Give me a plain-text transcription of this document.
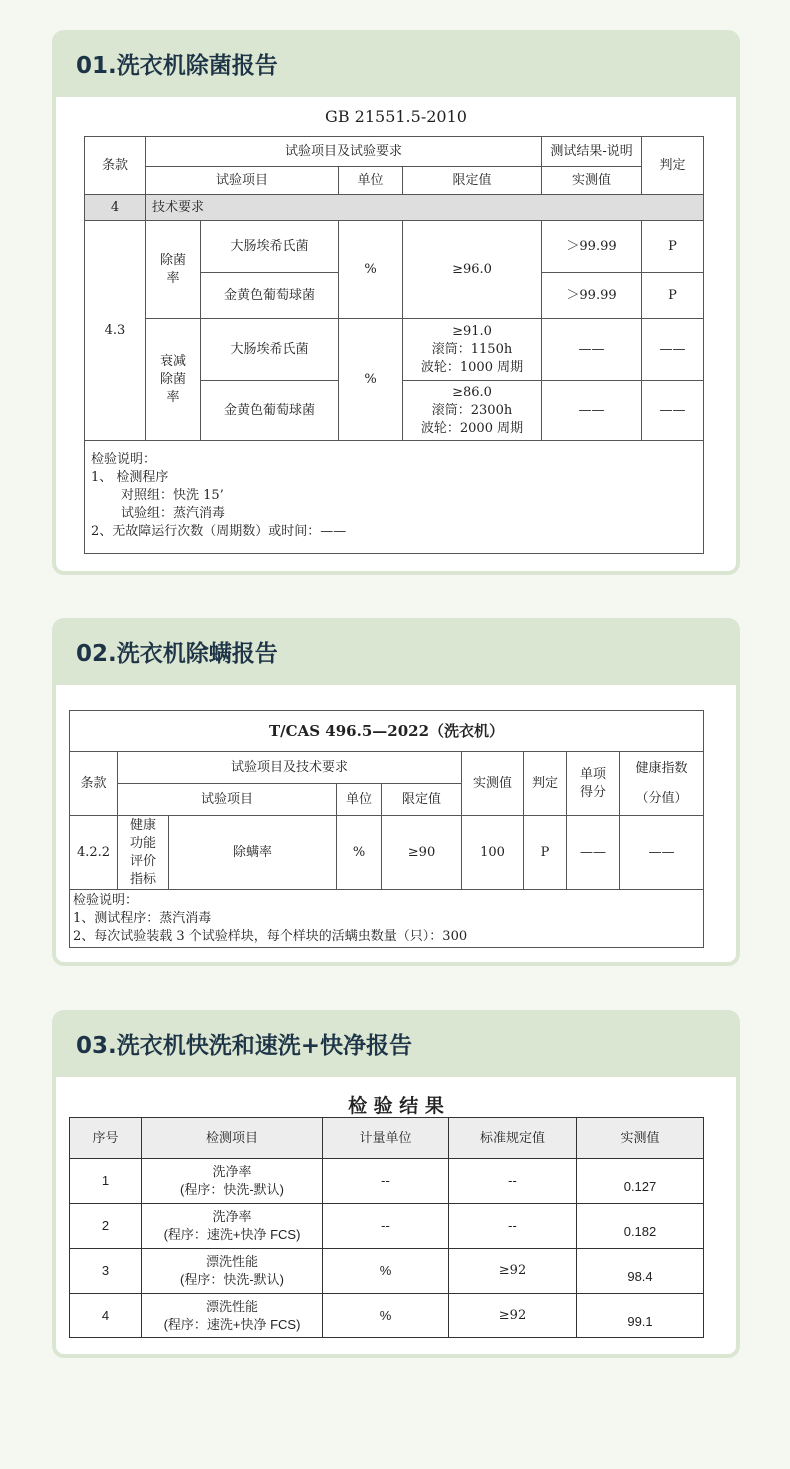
01.洗衣机除菌报告
GB 21551.5-2010
条款	试验项目及试验要求				测试结果-说明	判定
	试验项目		单位	限定值	实测值	
4	技术要求					
4.3	除菌率	大肠埃希氏菌	%	≥96.0	＞99.99	P
		金黄色葡萄球菌			＞99.99	P
	衰减除菌率	大肠埃希氏菌	%	≥91.0
滚筒：1150h
波轮：1000 周期	——	——
		金黄色葡萄球菌		≥86.0
滚筒：2300h
波轮：2000 周期	——	——

检验说明：
1、 检测程序
对照组：快洗 15’
试验组：蒸汽消毒
2、无故障运行次数（周期数）或时间：——						
02.洗衣机除螨报告
T/CAS 496.5—2022（洗衣机）								
条款	试验项目及技术要求				实测值	判定	单项得分	健康指数
（分值）

	试验项目		单位	限定值				
4.2.2	健康功能评价指标	除螨率	%	≥90	100	P	——	——

检验说明：
1、测试程序：蒸汽消毒
2、每次试验装载 3 个试验样块，每个样块的活螨虫数量（只）：300								
03.洗衣机快洗和速洗+快净报告
检 验 结 果
序号	检测项目	计量单位	标准规定值	实测值
1	洗净率
(程序：快洗-默认)	--	--	0.127
2	洗净率
(程序：速洗+快净 FCS)	--	--	0.182
3	漂洗性能
(程序：快洗-默认)	%	≥92	98.4
4	漂洗性能
(程序：速洗+快净 FCS)	%	≥92	99.1
